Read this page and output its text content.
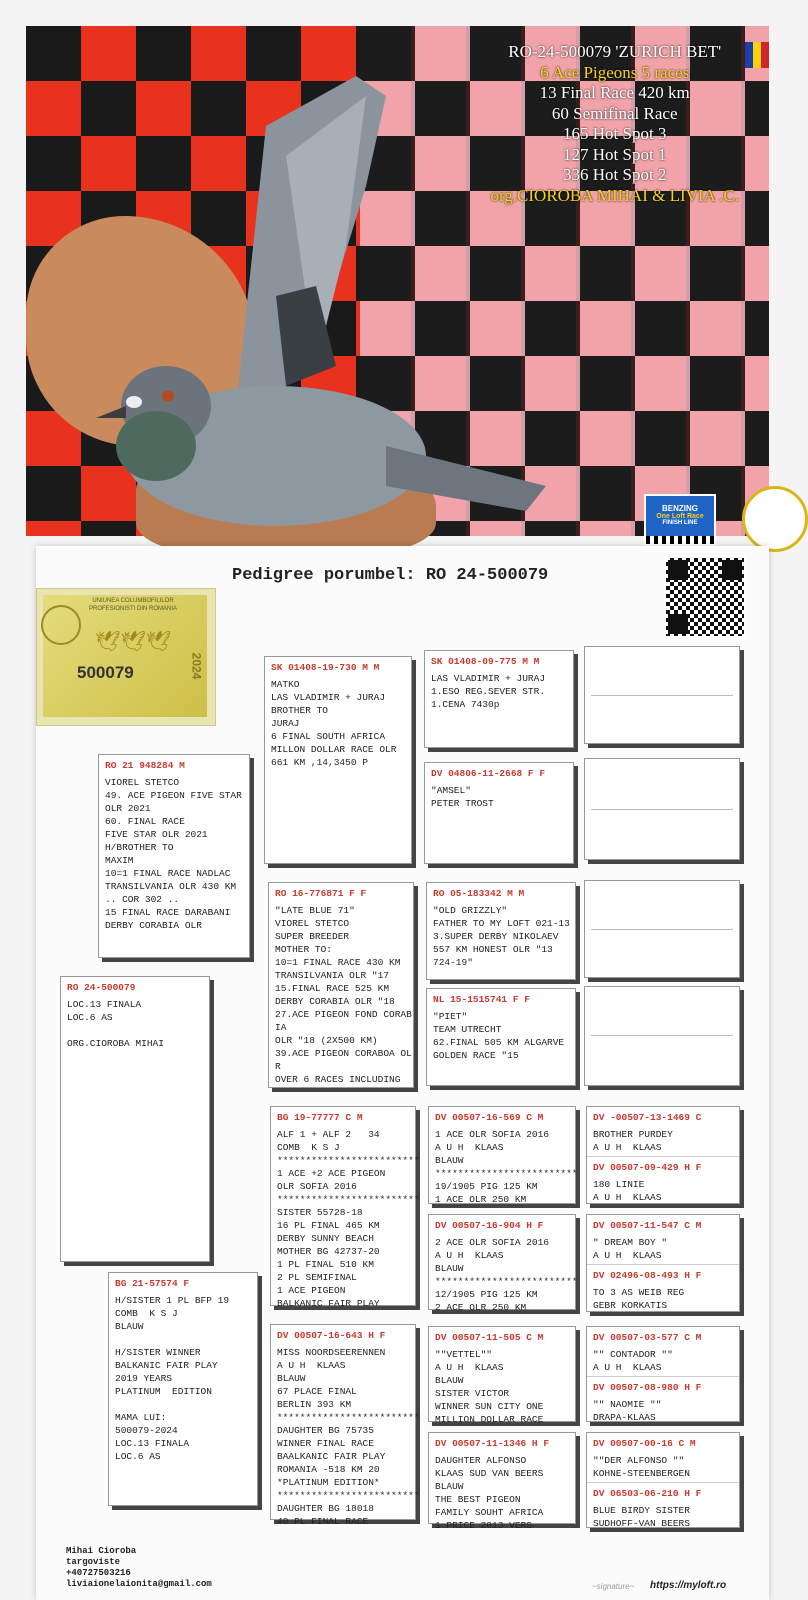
RO-24-500079 'ZURICH BET'
6 Ace Pigeons 5 races
13 Final Race 420 km
60 Semifinal Race
165 Hot Spot 3
127 Hot Spot 1
336 Hot Spot 2
org.CIOROBA MIHAI & LIVIA .C.
BENZING
One Loft Race
FINISH LINE
Pedigree porumbel: RO 24-500079
UNIUNEA COLUMBOFILILOR PROFESIONISTI DIN ROMANIA
🕊🕊🕊
500079	2024
RO 24-500079
LOC.13 FINALA
LOC.6 AS

ORG.CIOROBA MIHAI
RO 21 948284 M
VIOREL STETCO
49. ACE PIGEON FIVE STAR
OLR 2021
60. FINAL RACE
FIVE STAR OLR 2021
H/BROTHER TO
MAXIM
10=1 FINAL RACE NADLAC
TRANSILVANIA OLR 430 KM
.. COR 302 ..
15 FINAL RACE DARABANI
DERBY CORABIA OLR
BG 21-57574 F
H/SISTER 1 PL BFP 19
COMB  K S J
BLAUW

H/SISTER WINNER
BALKANIC FAIR PLAY
2019 YEARS
PLATINUM  EDITION

MAMA LUI:
500079-2024
LOC.13 FINALA
LOC.6 AS
SK 01408-19-730 M M
MATKO
LAS VLADIMIR + JURAJ
BROTHER TO
JURAJ
6 FINAL SOUTH AFRICA
MILLON DOLLAR RACE OLR
661 KM ,14,3450 P
RO 16-776871 F F
"LATE BLUE 71"
VIOREL STETCO
SUPER BREEDER
MOTHER TO:
10=1 FINAL RACE 430 KM
TRANSILVANIA OLR "17
15.FINAL RACE 525 KM
DERBY CORABIA OLR "18
27.ACE PIGEON FOND CORAB
IA
OLR "18 (2X500 KM)
39.ACE PIGEON CORABOA OL
R
OVER 6 RACES INCLUDING
BG 19-77777 C M
ALF 1 + ALF 2   34
COMB  K S J
*************************
1 ACE +2 ACE PIGEON
OLR SOFIA 2016
*************************
SISTER 55728-18
16 PL FINAL 465 KM
DERBY SUNNY BEACH
MOTHER BG 42737-20
1 PL FINAL 510 KM
2 PL SEMIFINAL
1 ACE PIGEON
BALKANIC FAIR PLAY
DV 00507-16-643 H F
MISS NOORDSEERENNEN
A U H  KLAAS
BLAUW
67 PLACE FINAL
BERLIN 393 KM
*************************
DAUGHTER BG 75735
WINNER FINAL RACE
BAALKANIC FAIR PLAY
ROMANIA -518 KM 20
*PLATINUM EDITION*
*************************
DAUGHTER BG 18018
40 PL FINAL RACE
SK 01408-09-775 M M
LAS VLADIMIR + JURAJ
1.ESO REG.SEVER STR.
1.CENA 7430p
DV 04806-11-2668 F F
"AMSEL"
PETER TROST
RO 05-183342 M M
"OLD GRIZZLY"
FATHER TO MY LOFT 021-13
3.SUPER DERBY NIKOLAEV
557 KM HONEST OLR "13
724-19"
NL 15-1515741 F F
"PIET"
TEAM UTRECHT
62.FINAL 505 KM ALGARVE
GOLDEN RACE "15
DV 00507-16-569 C M
1 ACE OLR SOFIA 2016
A U H  KLAAS
BLAUW
*************************
19/1905 PIG 125 KM
1 ACE OLR 250 KM
DV 00507-16-904 H F
2 ACE OLR SOFIA 2016
A U H  KLAAS
BLAUW
*************************
12/1905 PIG 125 KM
2 ACE OLR 250 KM
DV 00507-11-505 C M
""VETTEL""
A U H  KLAAS
BLAUW
SISTER VICTOR
WINNER SUN CITY ONE
MILLION DOLLAR RACE
DV 00507-11-1346 H F
DAUGHTER ALFONSO
KLAAS SUD VAN BEERS
BLAUW
THE BEST PIGEON
FAMILY SOUHT AFRICA
1 PRICE 2013 VERS
DV -00507-13-1469 C
BROTHER PURDEY
A U H  KLAAS
DV 00507-09-429 H F
180 LINIE
A U H  KLAAS
DV 00507-11-547 C M
" DREAM BOY "
A U H  KLAAS
DV 02496-08-493 H F
TO 3 AS WEIB REG
GEBR KORKATIS
DV 00507-03-577 C M
"" CONTADOR ""
A U H  KLAAS
DV 00507-08-980 H F
"" NAOMIE ""
DRAPA-KLAAS
DV 00507-00-16 C M
""DER ALFONSO ""
KOHNE-STEENBERGEN
DV 06503-06-210 H F
BLUE BIRDY SISTER
SUDHOFF-VAN BEERS
Mihai Cioroba
targoviste
+40727503216
liviaionelaionita@gmail.com	~signature~ https://myloft.ro
